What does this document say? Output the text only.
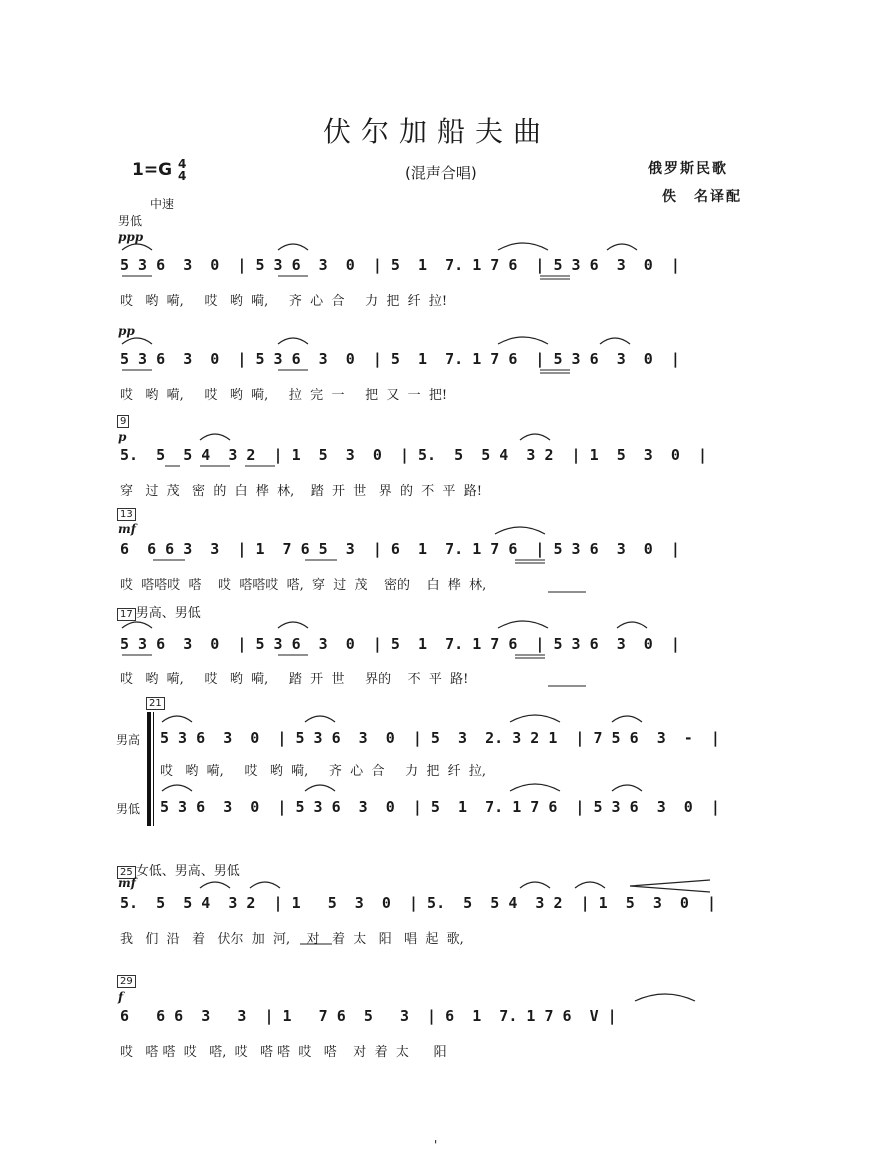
伏尔加船夫曲
1=G 4
4	(混声合唱)	俄罗斯民歌
佚　名译配
中速
男低
ppp
5 3 6  3  0  | 5 3 6  3  0  | 5  1  7. 1 7 6  | 5 3 6  3  0  |
哎   哟  嗬,     哎   哟  嗬,     齐  心  合     力  把  纤  拉!
pp
5 3 6  3  0  | 5 3 6  3  0  | 5  1  7. 1 7 6  | 5 3 6  3  0  |
哎   哟  嗬,     哎   哟  嗬,     拉  完  一     把  又  一  把!
9
p
5.  5  5 4  3 2  | 1  5  3  0  | 5.  5  5 4  3 2  | 1  5  3  0  |
穿   过  茂   密  的  白  桦  林,    踏  开  世   界  的  不  平  路!
13
mf
6  6 6 3  3  | 1  7 6 5  3  | 6  1  7. 1 7 6  | 5 3 6  3  0  |
哎  嗒嗒哎  嗒    哎  嗒嗒哎  嗒,  穿  过  茂    密的    白  桦  林,
17 男高、男低
5 3 6  3  0  | 5 3 6  3  0  | 5  1  7. 1 7 6  | 5 3 6  3  0  |
哎   哟  嗬,     哎   哟  嗬,     踏  开  世     界的    不  平  路!
21
男高 5 3 6  3  0  | 5 3 6  3  0  | 5  3  2. 3 2 1  | 7 5 6  3  -  |
哎   哟  嗬,     哎   哟  嗬,     齐  心  合     力  把  纤  拉,
男低 5 3 6  3  0  | 5 3 6  3  0  | 5  1  7. 1 7 6  | 5 3 6  3  0  |
25 女低、男高、男低
mf
5.  5  5 4  3 2  | 1   5  3  0  | 5.  5  5 4  3 2  | 1  5  3  0  |
我   们  沿   着   伏尔  加  河,    对   着  太   阳   唱  起  歌,
29
f
6   6 6  3   3  | 1   7 6  5   3  | 6  1  7. 1 7 6  V |
哎   嗒 嗒  哎   嗒,  哎   嗒 嗒  哎   嗒    对  着  太      阳
'
